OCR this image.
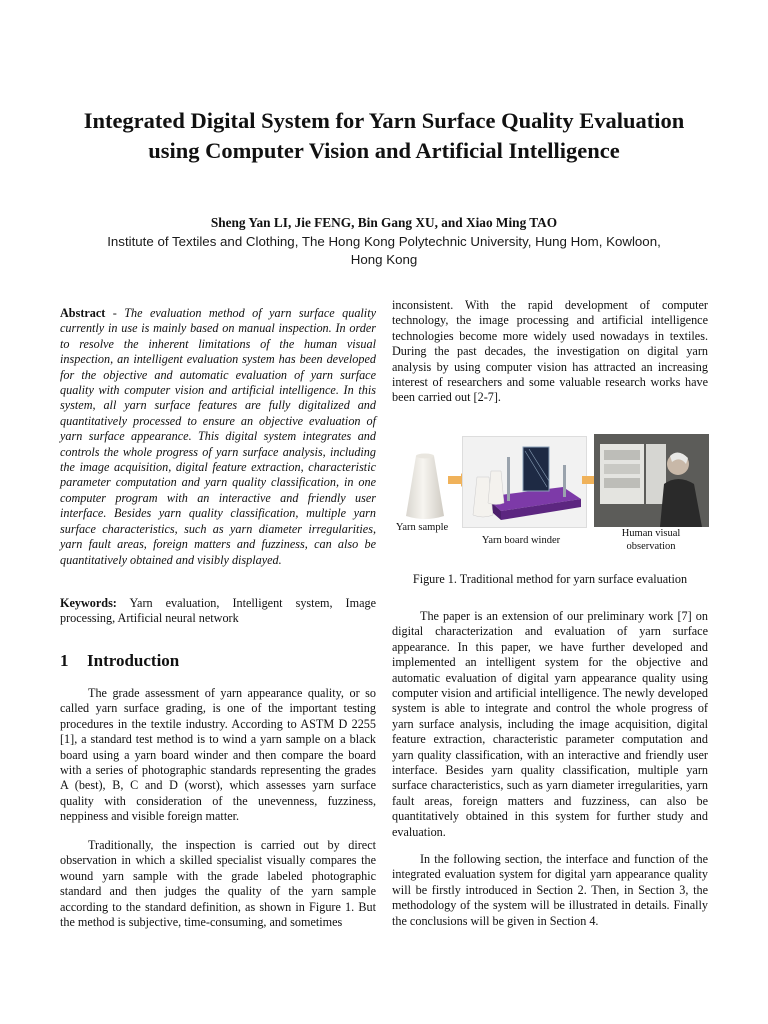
Integrated Digital System for Yarn Surface Quality Evaluation using Computer Vision and Artificial Intelligence
Sheng Yan LI, Jie FENG, Bin Gang XU, and Xiao Ming TAO
Institute of Textiles and Clothing, The Hong Kong Polytechnic University, Hung Hom, Kowloon, Hong Kong

Abstract - The evaluation method of yarn surface quality currently in use is mainly based on manual inspection. In order to resolve the inherent limitations of the human visual inspection, an intelligent evaluation system has been developed for the objective and automatic evaluation of yarn surface quality with computer vision and artificial intelligence. In this system, all yarn surface features are fully digitalized and quantitatively processed to ensure an objective evaluation of yarn surface appearance. This digital system integrates and controls the whole progress of yarn surface analysis, including the image acquisition, digital feature extraction, characteristic parameter computation and yarn quality classification, in one computer program with an interactive and friendly user interface. Besides yarn quality classification, multiple yarn surface characteristics, such as yarn diameter irregularities, yarn fault areas, foreign matters and fuzziness, can also be quantitatively obtained and visibly displayed.

Keywords: Yarn evaluation, Intelligent system, Image processing, Artificial neural network

1 Introduction

The grade assessment of yarn appearance quality, or so called yarn surface grading, is one of the important testing procedures in the textile industry. According to ASTM D 2255 [1], a standard test method is to wind a yarn sample on a black board using a yarn board winder and then compare the board with a series of photographic standards representing the grades A (best), B, C and D (worst), which assesses yarn surface quality with consideration of the unevenness, fuzziness, neppiness and visible foreign matter.

Traditionally, the inspection is carried out by direct observation in which a skilled specialist visually compares the wound yarn sample with the grade labeled photographic standard and then judges the quality of the yarn sample according to the standard definition, as shown in Figure 1. But the method is subjective, time-consuming, and sometimes

inconsistent. With the rapid development of computer technology, the image processing and artificial intelligence technologies become more widely used nowadays in textiles. During the past decades, the investigation on digital yarn analysis by using computer vision has attracted an increasing interest of researchers and some valuable research works have been carried out [2-7].

Yarn sample
Yarn board winder
Human visual observation
Figure 1. Traditional method for yarn surface evaluation

The paper is an extension of our preliminary work [7] on digital characterization and evaluation of yarn surface appearance. In this paper, we have further developed and implemented an intelligent system for the objective and automatic evaluation of digital yarn appearance quality using computer vision and artificial intelligence. The newly developed system is able to integrate and control the whole progress of yarn surface analysis, including the image acquisition, digital feature extraction, characteristic parameter computation and yarn quality classification, with an interactive and friendly user interface. Besides yarn quality classification, multiple yarn surface characteristics, such as yarn diameter irregularities, yarn fault areas, foreign matters and fuzziness, can also be quantitatively obtained in this system for further study and evaluation.

In the following section, the interface and function of the integrated evaluation system for digital yarn appearance quality will be firstly introduced in Section 2. Then, in Section 3, the methodology of the system will be illustrated in details. Finally the conclusions will be given in Section 4.
